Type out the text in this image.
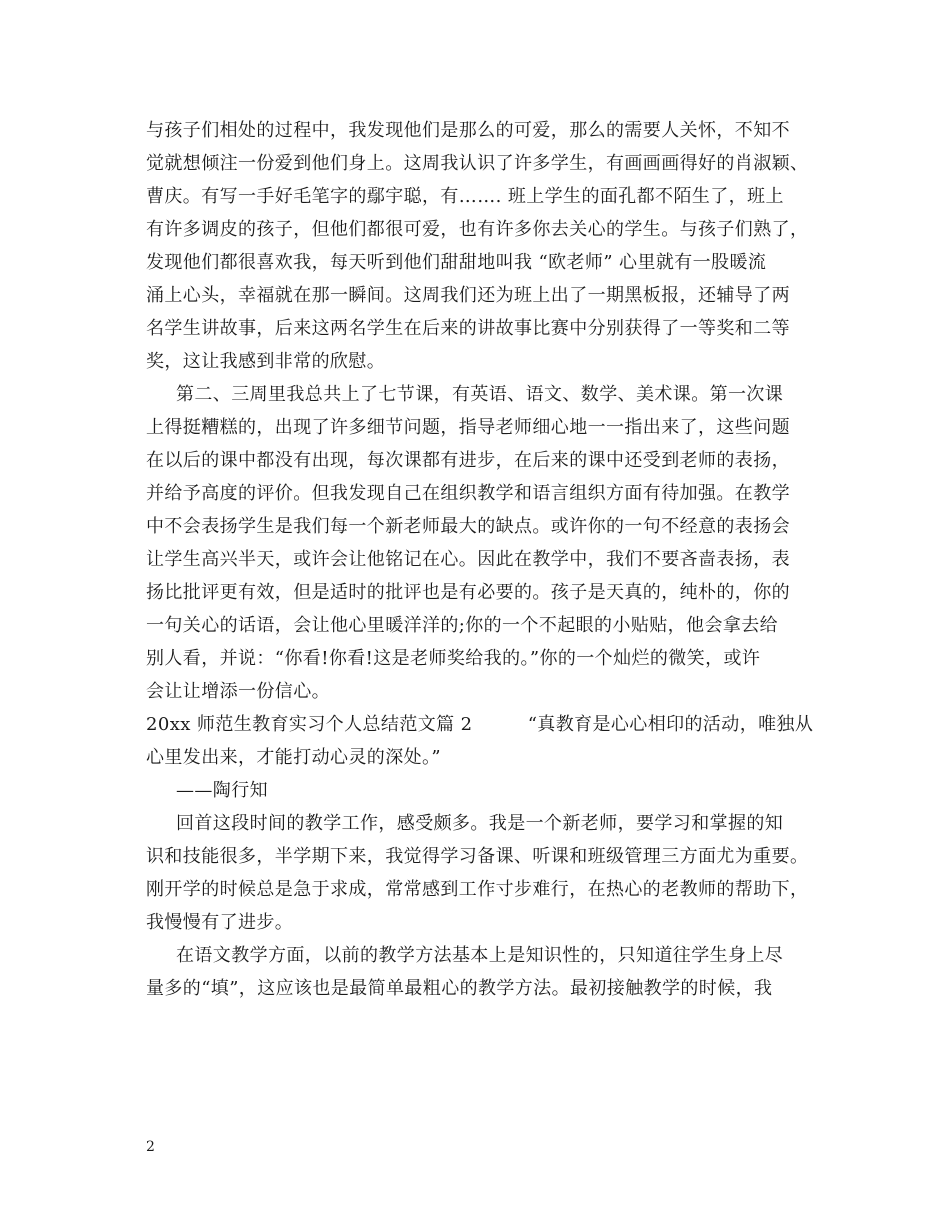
与孩子们相处的过程中，我发现他们是那么的可爱，那么的需要人关怀，不知不
觉就想倾注一份爱到他们身上。这周我认识了许多学生，有画画画得好的肖淑颖、
曹庆。有写一手好毛笔字的鄢宇聪，有……. 班上学生的面孔都不陌生了，班上
有许多调皮的孩子，但他们都很可爱，也有许多你去关心的学生。与孩子们熟了，
发现他们都很喜欢我，每天听到他们甜甜地叫我 “欧老师” 心里就有一股暖流
涌上心头，幸福就在那一瞬间。这周我们还为班上出了一期黑板报，还辅导了两
名学生讲故事，后来这两名学生在后来的讲故事比赛中分别获得了一等奖和二等
奖，这让我感到非常的欣慰。
第二、三周里我总共上了七节课，有英语、语文、数学、美术课。第一次课
上得挺糟糕的，出现了许多细节问题，指导老师细心地一一指出来了，这些问题
在以后的课中都没有出现，每次课都有进步，在后来的课中还受到老师的表扬，
并给予高度的评价。但我发现自己在组织教学和语言组织方面有待加强。在教学
中不会表扬学生是我们每一个新老师最大的缺点。或许你的一句不经意的表扬会
让学生高兴半天，或许会让他铭记在心。因此在教学中，我们不要吝啬表扬，表
扬比批评更有效，但是适时的批评也是有必要的。孩子是天真的，纯朴的，你的
一句关心的话语，会让他心里暖洋洋的;你的一个不起眼的小贴贴，他会拿去给
别人看，并说：“你看!你看!这是老师奖给我的。”你的一个灿烂的微笑，或许
会让让增添一份信心。
20xx 师范生教育实习个人总结范文篇 2　　　“真教育是心心相印的活动，唯独从
心里发出来，才能打动心灵的深处。”
——陶行知
回首这段时间的教学工作，感受颇多。我是一个新老师，要学习和掌握的知
识和技能很多，半学期下来，我觉得学习备课、听课和班级管理三方面尤为重要。
刚开学的时候总是急于求成，常常感到工作寸步难行，在热心的老教师的帮助下，
我慢慢有了进步。
在语文教学方面，以前的教学方法基本上是知识性的，只知道往学生身上尽
量多的“填”，这应该也是最简单最粗心的教学方法。最初接触教学的时候，我
2
